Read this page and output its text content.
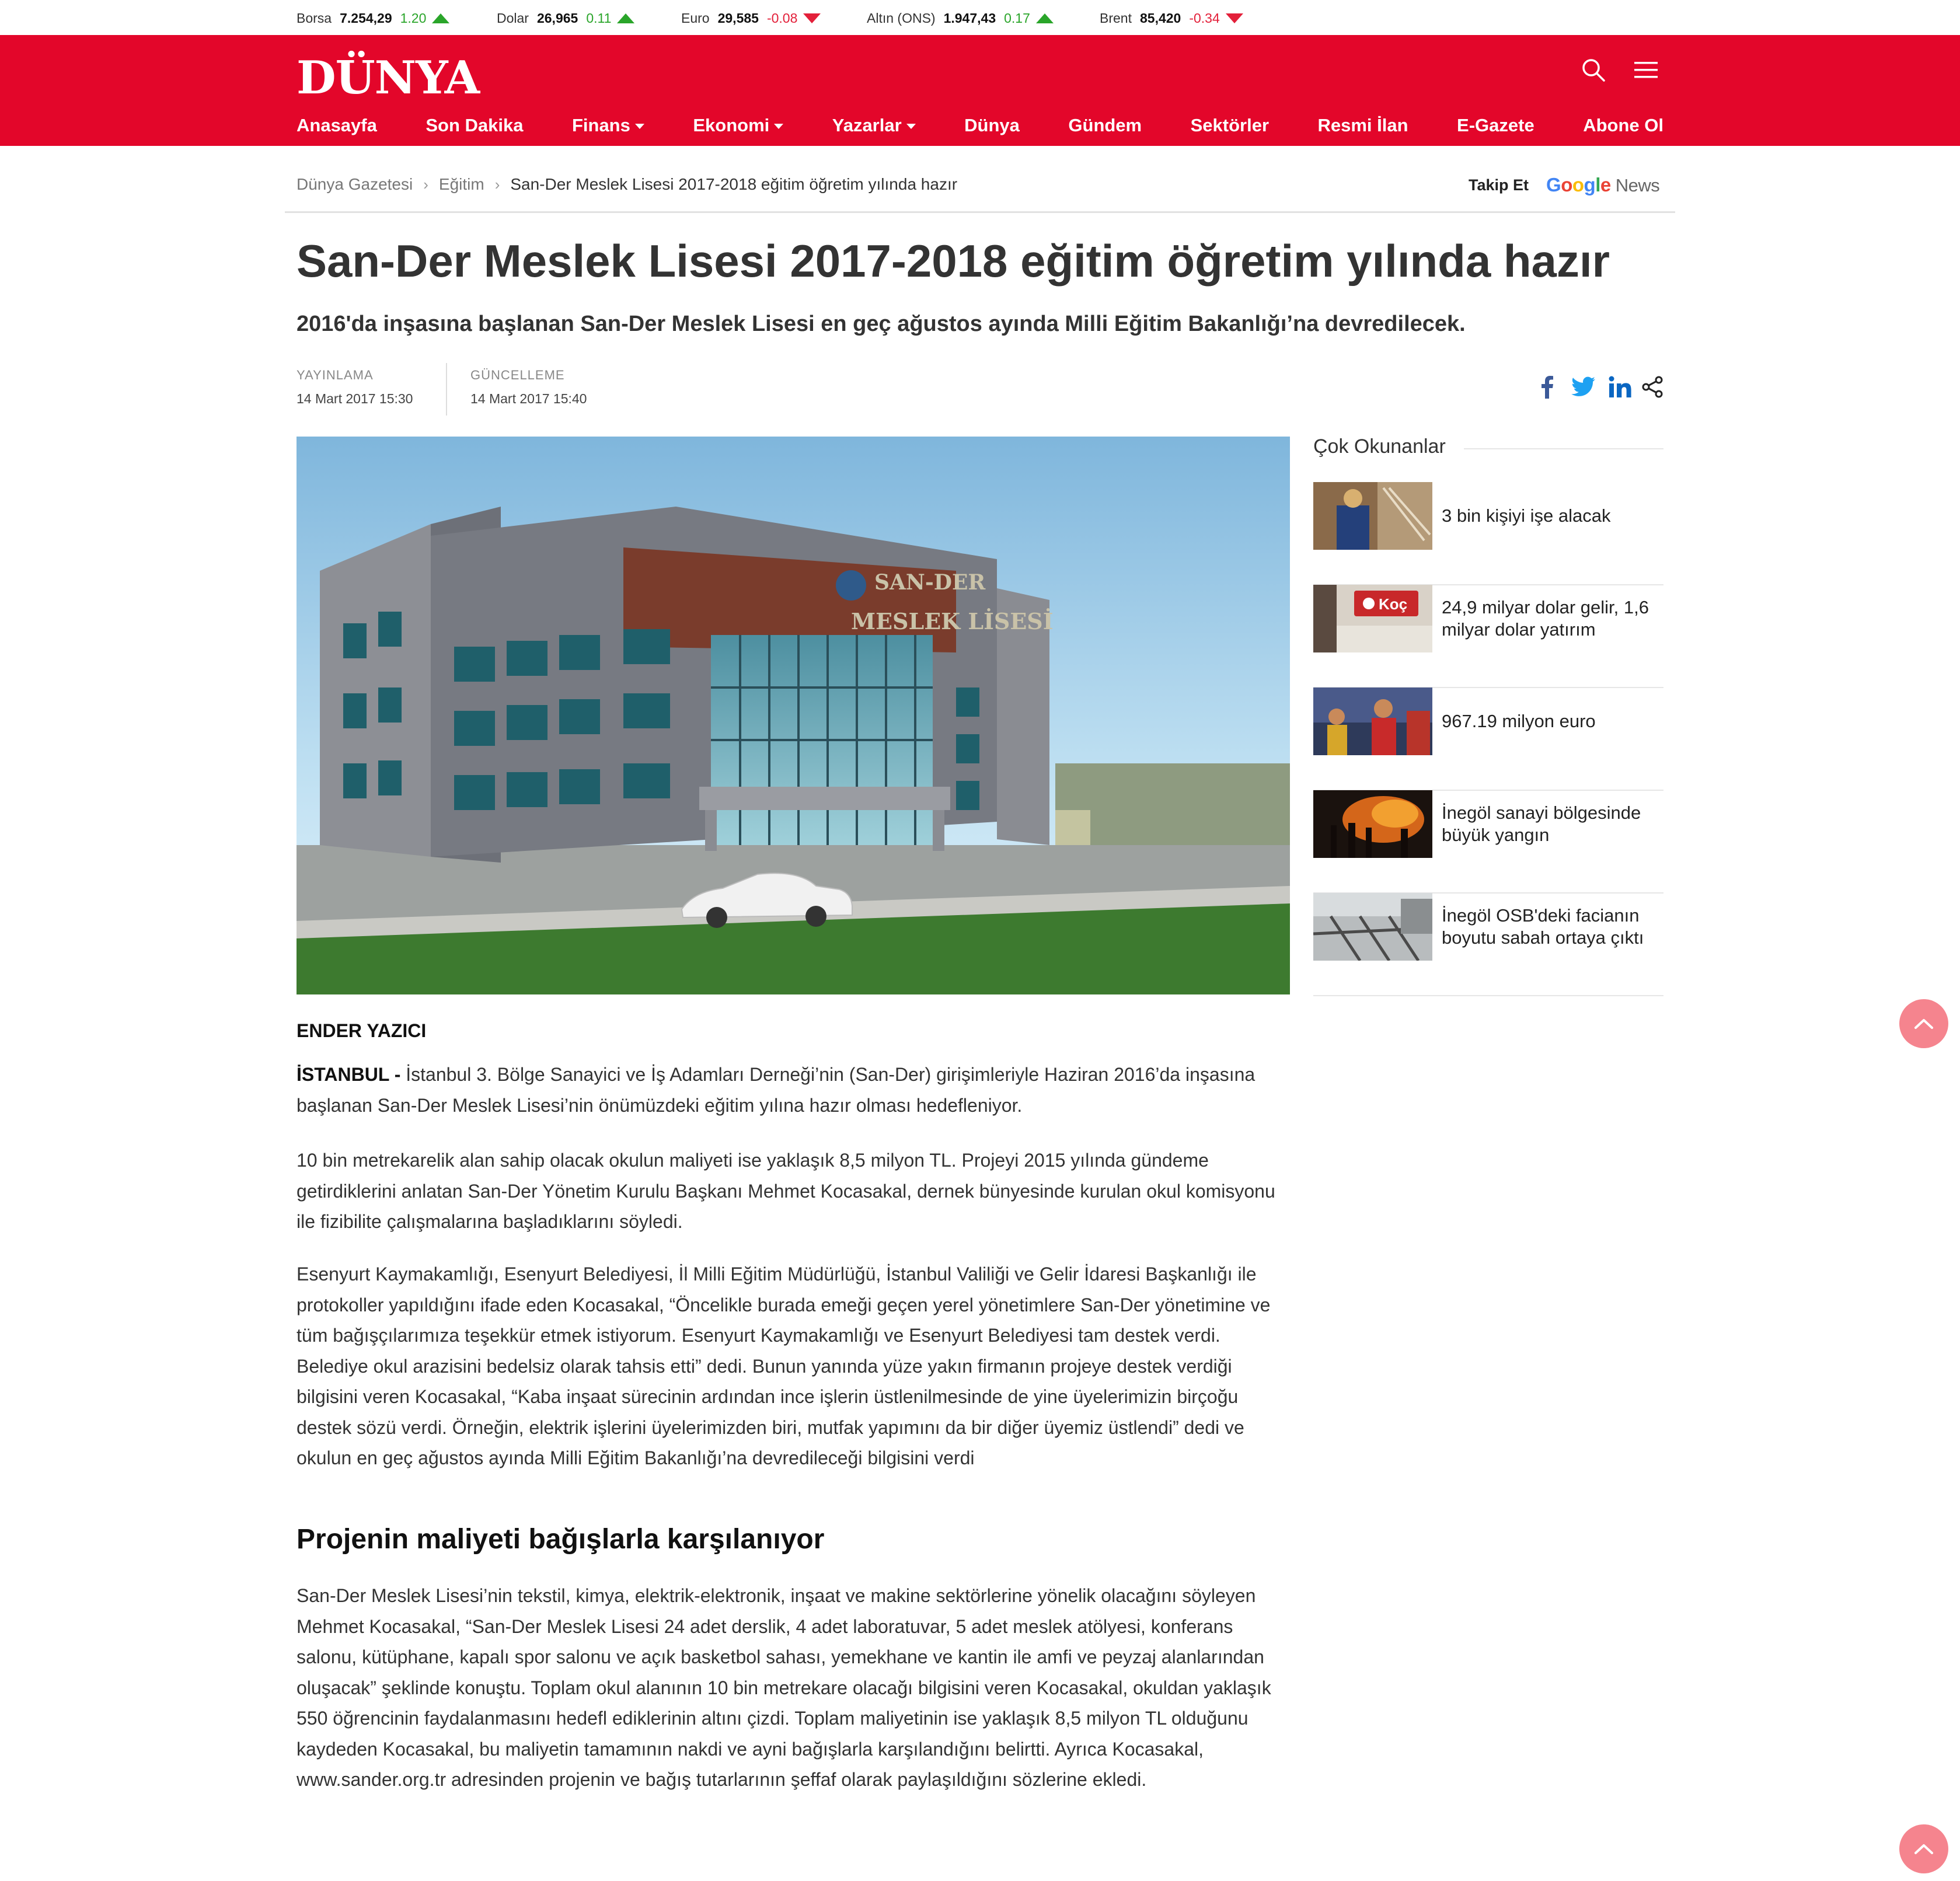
Borsa 7.254,29 1.20	Dolar 26,965 0.11	Euro 29,585 -0.08	Altın (ONS) 1.947,43 0.17	Brent 85,420 -0.34
DÜNYA
Anasayfa	Son Dakika	Finans	Ekonomi	Yazarlar	Dünya	Gündem	Sektörler	Resmi İlan	E-Gazete	Abone Ol
Dünya Gazetesi › Eğitim › San-Der Meslek Lisesi 2017-2018 eğitim öğretim yılında hazır	Takip Et Google News
San-Der Meslek Lisesi 2017-2018 eğitim öğretim yılında hazır
2016'da inşasına başlanan San-Der Meslek Lisesi en geç ağustos ayında Milli Eğitim Bakanlığı’na devredilecek.
YAYINLAMA
14 Mart 2017 15:30
GÜNCELLEME
14 Mart 2017 15:40
SAN-DER
MESLEK LİSESİ
ENDER YAZICI

İSTANBUL - İstanbul 3. Bölge Sanayici ve İş Adamları Derneği’nin (San-Der) girişimleriyle Haziran 2016’da inşasına başlanan San-Der Meslek Lisesi’nin önümüzdeki eğitim yılına hazır olması hedefleniyor.

10 bin metrekarelik alan sahip olacak okulun maliyeti ise yaklaşık 8,5 milyon TL. Projeyi 2015 yılında gündeme getirdiklerini anlatan San-Der Yönetim Kurulu Başkanı Mehmet Kocasakal, dernek bünyesinde kurulan okul komisyonu ile fizibilite çalışmalarına başladıklarını söyledi.

Esenyurt Kaymakamlığı, Esenyurt Belediyesi, İl Milli Eğitim Müdürlüğü, İstanbul Valiliği ve Gelir İdaresi Başkanlığı ile protokoller yapıldığını ifade eden Kocasakal, “Öncelikle burada emeği geçen yerel yönetimlere San-Der yönetimine ve tüm bağışçılarımıza teşekkür etmek istiyorum. Esenyurt Kaymakamlığı ve Esenyurt Belediyesi tam destek verdi. Belediye okul arazisini bedelsiz olarak tahsis etti” dedi. Bunun yanında yüze yakın firmanın projeye destek verdiği bilgisini veren Kocasakal, “Kaba inşaat sürecinin ardından ince işlerin üstlenilmesinde de yine üyelerimizin birçoğu destek sözü verdi. Örneğin, elektrik işlerini üyelerimizden biri, mutfak yapımını da bir diğer üyemiz üstlendi” dedi ve okulun en geç ağustos ayında Milli Eğitim Bakanlığı’na devredileceği bilgisini verdi

Projenin maliyeti bağışlarla karşılanıyor

San-Der Meslek Lisesi’nin tekstil, kimya, elektrik-elektronik, inşaat ve makine sektörlerine yönelik olacağını söyleyen Mehmet Kocasakal, “San-Der Meslek Lisesi 24 adet derslik, 4 adet laboratuvar, 5 adet meslek atölyesi, konferans salonu, kütüphane, kapalı spor salonu ve açık basketbol sahası, yemekhane ve kantin ile amfi ve peyzaj alanlarından oluşacak” şeklinde konuştu. Toplam okul alanının 10 bin metrekare olacağı bilgisini veren Kocasakal, okuldan yaklaşık 550 öğrencinin faydalanmasını hedefl ediklerinin altını çizdi. Toplam maliyetinin ise yaklaşık 8,5 milyon TL olduğunu kaydeden Kocasakal, bu maliyetin tamamının nakdi ve ayni bağışlarla karşılandığını belirtti. Ayrıca Kocasakal, www.sander.org.tr adresinden projenin ve bağış tutarlarının şeffaf olarak paylaşıldığını sözlerine ekledi.

Çok Okunanlar
3 bin kişiyi işe alacak
Koç 24,9 milyar dolar gelir, 1,6 milyar dolar yatırım
967.19 milyon euro
İnegöl sanayi bölgesinde büyük yangın
İnegöl OSB'deki facianın boyutu sabah ortaya çıktı
